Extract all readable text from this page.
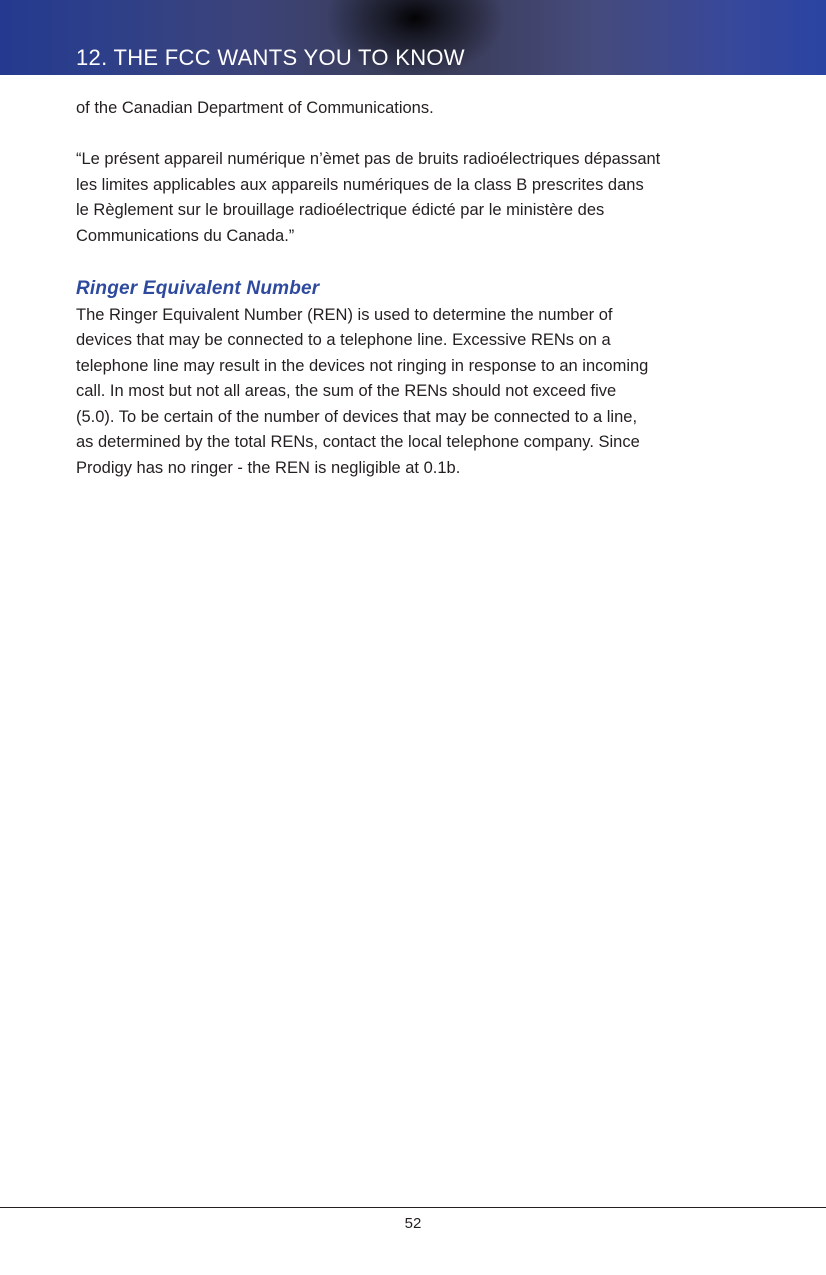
12. THE FCC WANTS YOU TO KNOW

of the Canadian Department of Communications.

“Le présent appareil numérique n’èmet pas de bruits radioélectriques dépassant
les limites applicables aux appareils numériques de la class B prescrites dans
le Règlement sur le brouillage radioélectrique édicté par le ministère des
Communications du Canada.”

Ringer Equivalent Number

The Ringer Equivalent Number (REN) is used to determine the number of
devices that may be connected to a telephone line. Excessive RENs on a
telephone line may result in the devices not ringing in response to an incoming
call. In most but not all areas, the sum of the RENs should not exceed five
(5.0). To be certain of the number of devices that may be connected to a line,
as determined by the total RENs, contact the local telephone company. Since
Prodigy has no ringer - the REN is negligible at 0.1b.

52
